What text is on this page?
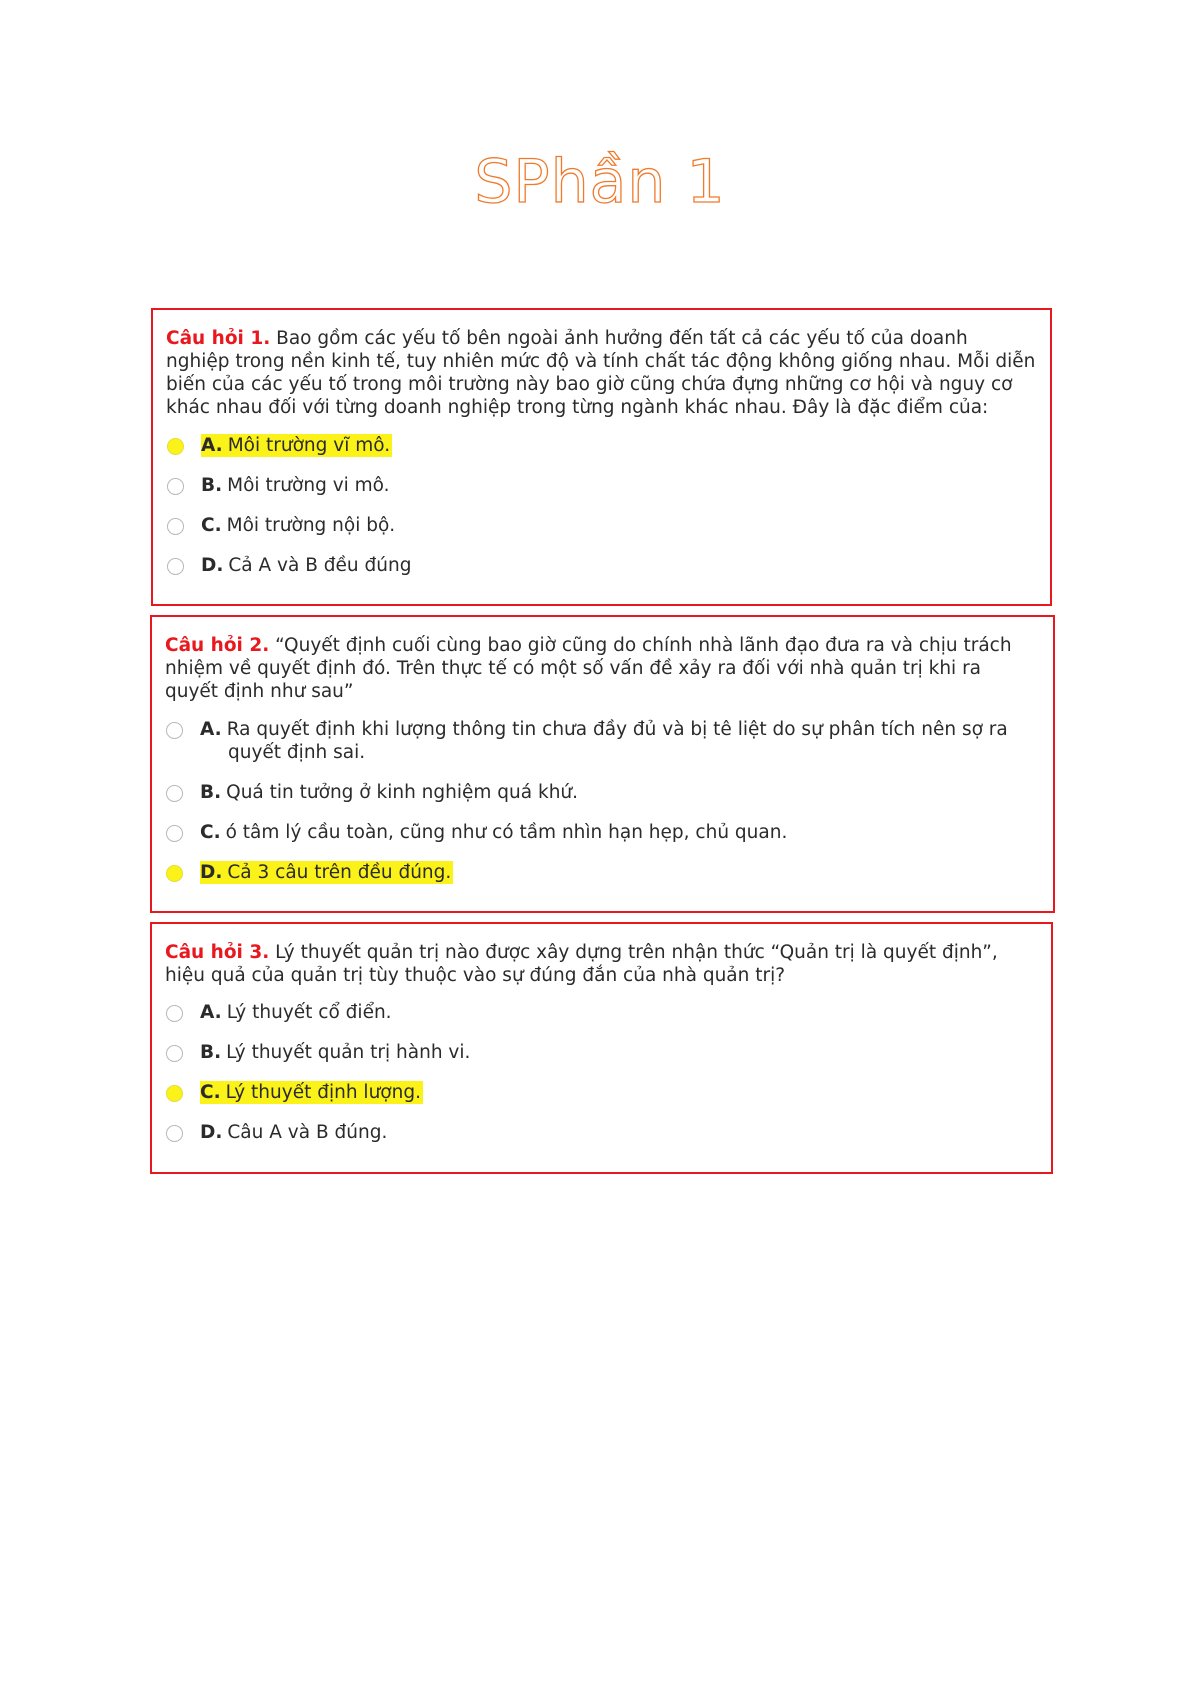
SPhần 1
Câu hỏi 1. Bao gồm các yếu tố bên ngoài ảnh hưởng đến tất cả các yếu tố của doanh nghiệp trong nền kinh tế, tuy nhiên mức độ và tính chất tác động không giống nhau. Mỗi diễn biến của các yếu tố trong môi trường này bao giờ cũng chứa đựng những cơ hội và nguy cơ khác nhau đối với từng doanh nghiệp trong từng ngành khác nhau. Đây là đặc điểm của:
A. Môi trường vĩ mô.
B. Môi trường vi mô.
C. Môi trường nội bộ.
D. Cả A và B đều đúng
Câu hỏi 2. “Quyết định cuối cùng bao giờ cũng do chính nhà lãnh đạo đưa ra và chịu trách nhiệm về quyết định đó. Trên thực tế có một số vấn đề xảy ra đối với nhà quản trị khi ra quyết định như sau”
A. Ra quyết định khi lượng thông tin chưa đầy đủ và bị tê liệt do sự phân tích nên sợ ra
quyết định sai.
B. Quá tin tưởng ở kinh nghiệm quá khứ.
C. ó tâm lý cầu toàn, cũng như có tầm nhìn hạn hẹp, chủ quan.
D. Cả 3 câu trên đều đúng.
Câu hỏi 3. Lý thuyết quản trị nào được xây dựng trên nhận thức “Quản trị là quyết định”, hiệu quả của quản trị tùy thuộc vào sự đúng đắn của nhà quản trị?
A. Lý thuyết cổ điển.
B. Lý thuyết quản trị hành vi.
C. Lý thuyết định lượng.
D. Câu A và B đúng.
